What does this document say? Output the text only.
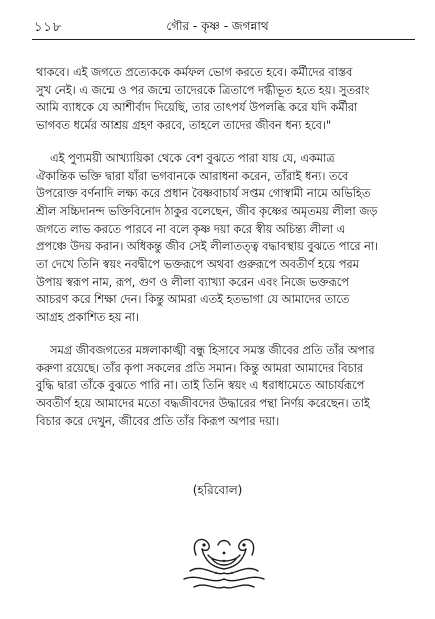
১১৮	গৌর - কৃষ্ণ - জগন্নাথ
থাকবে। এই জগতে প্রত্যেককে কর্মফল ভোগ করতে হবে। কর্মীদের বাস্তব
সুখ নেই। এ জন্মে ও পর জন্মে তাদেরকে ত্রিতাপে দগ্ধীভূত হতে হয়। সুতরাং
আমি ব্যাধকে যে আশীর্বাদ দিয়েছি, তার তাৎপর্য উপলব্ধি করে যদি কর্মীরা
ভাগবত ধর্মের আশ্রয় গ্রহণ করবে, তাহলে তাদের জীবন ধন্য হবে।"
এই পুণ্যময়ী আখ্যায়িকা থেকে বেশ বুঝতে পারা যায় যে, একমাত্র
ঐকান্তিক ভক্তি দ্বারা যাঁরা ভগবানকে আরাধনা করেন, তাঁরাই ধন্য। তবে
উপরোক্ত বর্ণনাদি লক্ষ্য করে প্রধান বৈষ্ণবাচার্য সপ্তম গোস্বামী নামে অভিহিত
শ্রীল সচ্চিদানন্দ ভক্তিবিনোদ ঠাকুর বলেছেন, জীব কৃষ্ণের অমৃতময় লীলা জড়
জগতে লাভ করতে পারবে না বলে কৃষ্ণ দয়া করে স্বীয় অচিন্ত্য লীলা এ
প্রপঞ্চে উদয় করান। অধিকন্তু জীব সেই লীলাতত্ত্ব বদ্ধাবস্থায় বুঝতে পারে না।
তা দেখে তিনি স্বয়ং নবদ্বীপে ভক্তরূপে অথবা গুরুরূপে অবতীর্ণ হয়ে পরম
উপায় স্বরূপ নাম, রূপ, গুণ ও লীলা ব্যাখ্যা করেন এবং নিজে ভক্তরূপে
আচরণ করে শিক্ষা দেন। কিন্তু আমরা এতই হতভাগা যে আমাদের তাতে
আগ্রহ প্রকাশিত হয় না।
সমগ্র জীবজগতের মঙ্গলাকাঙ্খী বন্ধু হিসাবে সমস্ত জীবের প্রতি তাঁর অপার
করুণা রয়েছে। তাঁর কৃপা সকলের প্রতি সমান। কিন্তু আমরা আমাদের বিচার
বুদ্ধি দ্বারা তাঁকে বুঝতে পারি না। তাই তিনি স্বয়ং এ ধরাধামেতে আচার্যরূপে
অবতীর্ণ হয়ে আমাদের মতো বদ্ধজীবদের উদ্ধারের পন্থা নির্ণয় করেছেন। তাই
বিচার করে দেখুন, জীবের প্রতি তাঁর কিরূপ অপার দয়া।
(হরিবোল)
